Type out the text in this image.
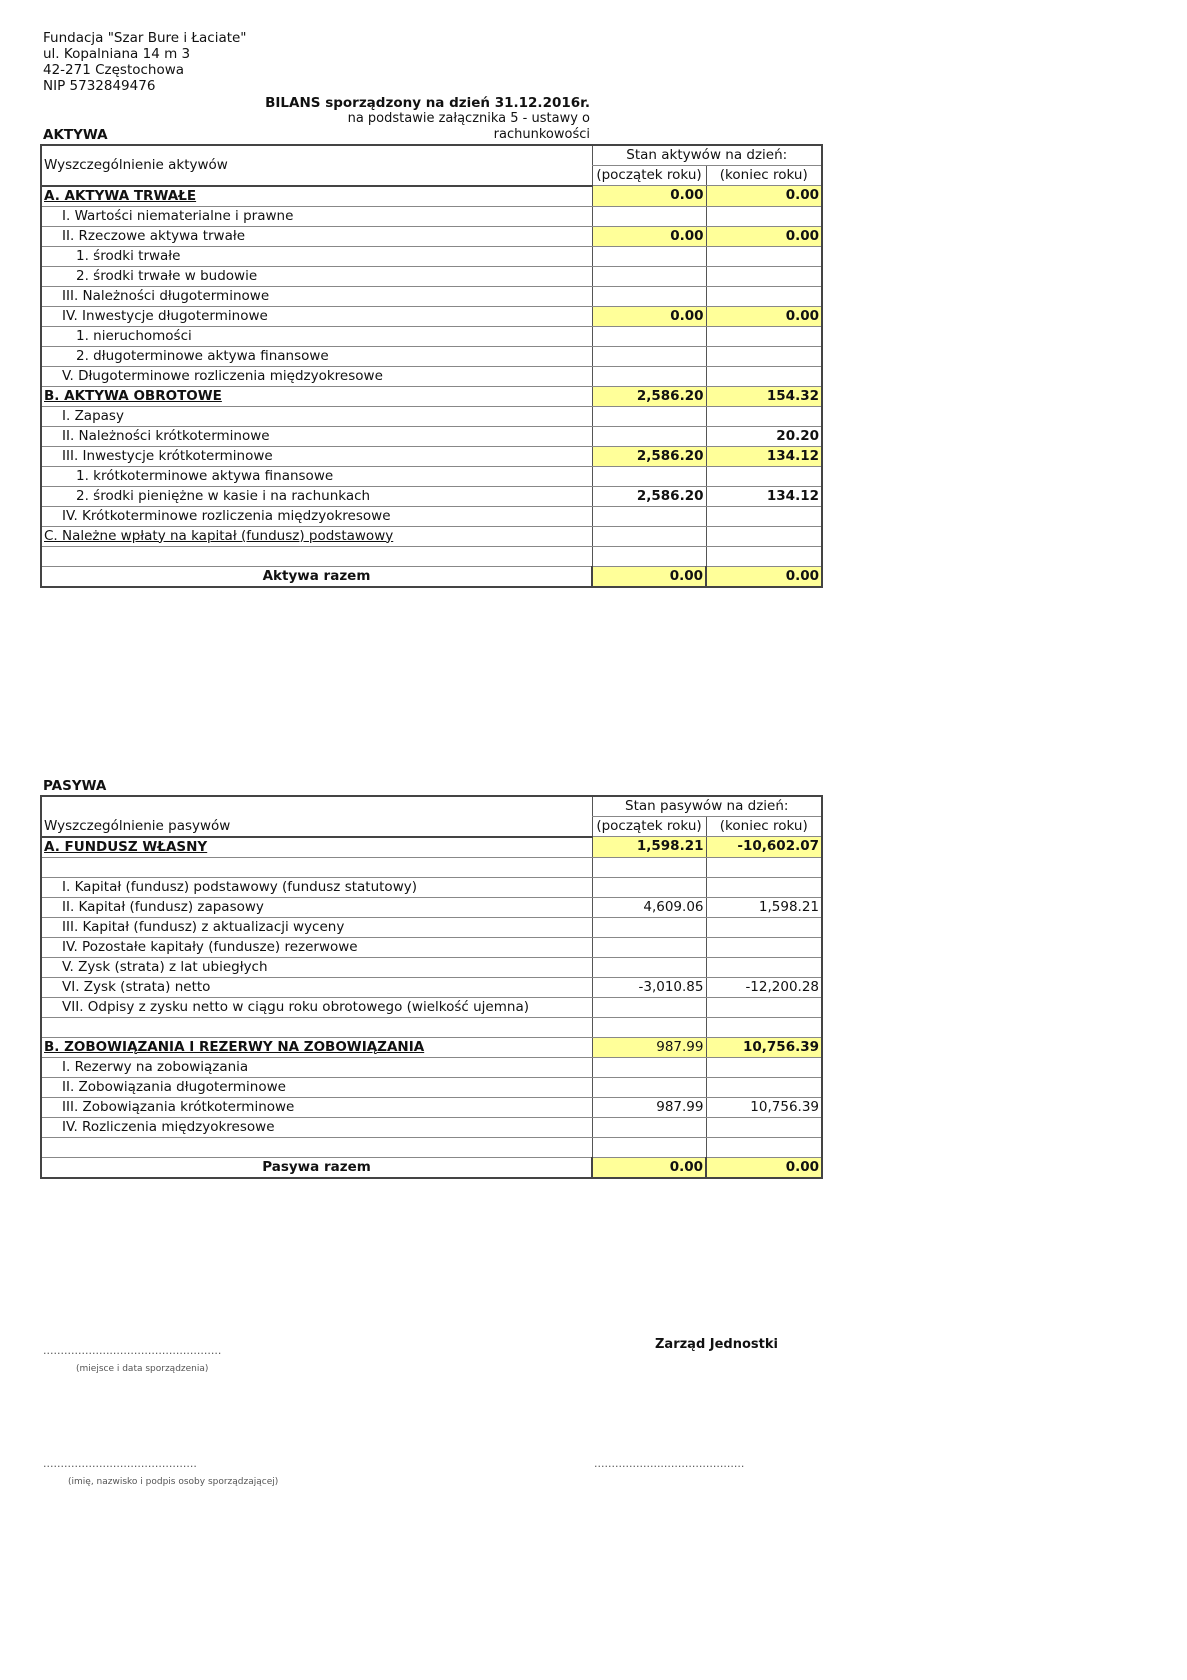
Fundacja "Szar Bure i Łaciate"
ul. Kopalniana 14 m 3
42-271 Częstochowa
NIP 5732849476
BILANS sporządzony na dzień 31.12.2016r.
na podstawie załącznika 5 - ustawy o rachunkowości
AKTYWA
Wyszczególnienie aktywów	Stan aktywów na dzień:	
	(początek roku)	(koniec roku)
A. AKTYWA TRWAŁE	0.00	0.00
I. Wartości niematerialne i prawne		
II. Rzeczowe aktywa trwałe	0.00	0.00
1. środki trwałe		
2. środki trwałe w budowie		
III. Należności długoterminowe		
IV. Inwestycje długoterminowe	0.00	0.00
1. nieruchomości		
2. długoterminowe aktywa finansowe		
V. Długoterminowe rozliczenia międzyokresowe		
B. AKTYWA OBROTOWE	2,586.20	154.32
I. Zapasy		
II. Należności krótkoterminowe		20.20
III. Inwestycje krótkoterminowe	2,586.20	134.12
1. krótkoterminowe aktywa finansowe		
2. środki pieniężne w kasie i na rachunkach	2,586.20	134.12
IV. Krótkoterminowe rozliczenia międzyokresowe		
C. Należne wpłaty na kapitał (fundusz) podstawowy		

Aktywa razem	0.00	0.00
PASYWA
Wyszczególnienie pasywów	Stan pasywów na dzień:	
	(początek roku)	(koniec roku)
A. FUNDUSZ WŁASNY	1,598.21	-10,602.07

I. Kapitał (fundusz) podstawowy (fundusz statutowy)		
II. Kapitał (fundusz) zapasowy	4,609.06	1,598.21
III. Kapitał (fundusz) z aktualizacji wyceny		
IV. Pozostałe kapitały (fundusze) rezerwowe		
V. Zysk (strata) z lat ubiegłych		
VI. Zysk (strata) netto	-3,010.85	-12,200.28
VII. Odpisy z zysku netto w ciągu roku obrotowego (wielkość ujemna)		

B. ZOBOWIĄZANIA I REZERWY NA ZOBOWIĄZANIA	987.99	10,756.39
I. Rezerwy na zobowiązania		
II. Zobowiązania długoterminowe		
III. Zobowiązania krótkoterminowe	987.99	10,756.39
IV. Rozliczenia międzyokresowe		

Pasywa razem	0.00	0.00
...................................................
(miejsce i data sporządzenia)
Zarząd Jednostki
............................................
(imię, nazwisko i podpis osoby sporządzającej)
...........................................
